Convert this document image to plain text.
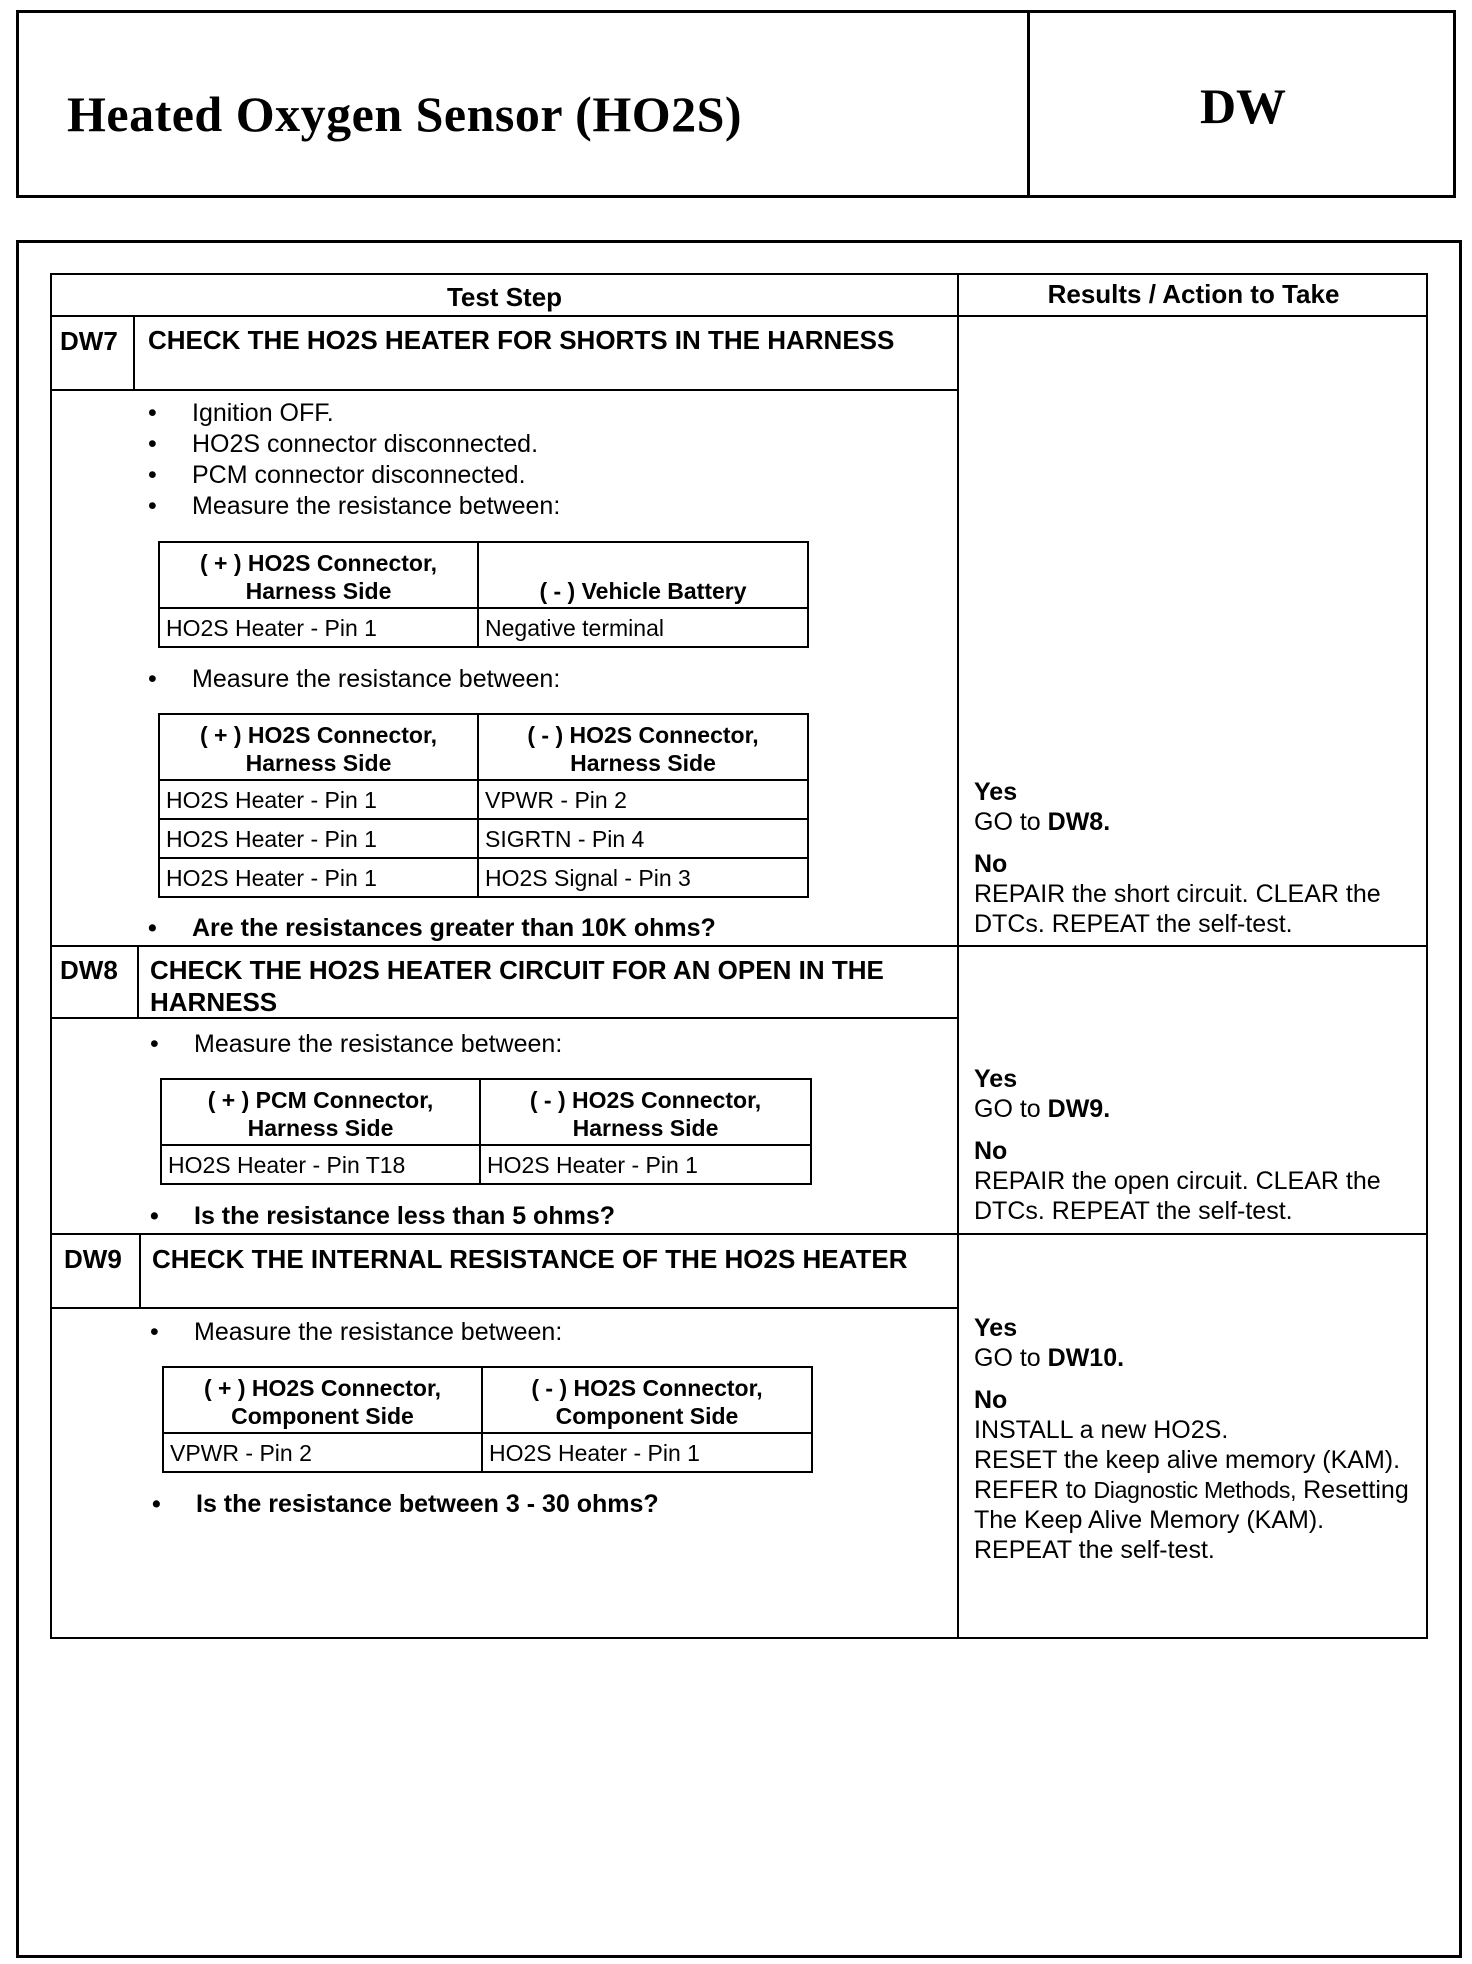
Heated Oxygen Sensor (HO2S)	DW
Test Step	Results / Action to Take
DW7 CHECK THE HO2S HEATER FOR SHORTS IN THE HARNESS
• Ignition OFF.
• HO2S connector disconnected.
• PCM connector disconnected.
• Measure the resistance between:
( + ) HO2S Connector,
Harness Side	( - ) Vehicle Battery
HO2S Heater - Pin 1	Negative terminal
• Measure the resistance between:
( + ) HO2S Connector,
Harness Side	( - ) HO2S Connector,
Harness Side
HO2S Heater - Pin 1	VPWR - Pin 2
HO2S Heater - Pin 1	SIGRTN - Pin 4
HO2S Heater - Pin 1	HO2S Signal - Pin 3
• Are the resistances greater than 10K ohms?
Yes
GO to DW8.
No
REPAIR the short circuit. CLEAR the DTCs. REPEAT the self-test.
DW8 CHECK THE HO2S HEATER CIRCUIT FOR AN OPEN IN THE HARNESS
• Measure the resistance between:
( + ) PCM Connector,
Harness Side	( - ) HO2S Connector,
Harness Side
HO2S Heater - Pin T18	HO2S Heater - Pin 1
• Is the resistance less than 5 ohms?
Yes
GO to DW9.
No
REPAIR the open circuit. CLEAR the DTCs. REPEAT the self-test.
DW9 CHECK THE INTERNAL RESISTANCE OF THE HO2S HEATER
• Measure the resistance between:
( + ) HO2S Connector,
Component Side	( - ) HO2S Connector,
Component Side
VPWR - Pin 2	HO2S Heater - Pin 1
• Is the resistance between 3 - 30 ohms?
Yes
GO to DW10.
No
INSTALL a new HO2S.
RESET the keep alive memory (KAM). REFER to Diagnostic Methods, Resetting The Keep Alive Memory (KAM). REPEAT the self-test.
